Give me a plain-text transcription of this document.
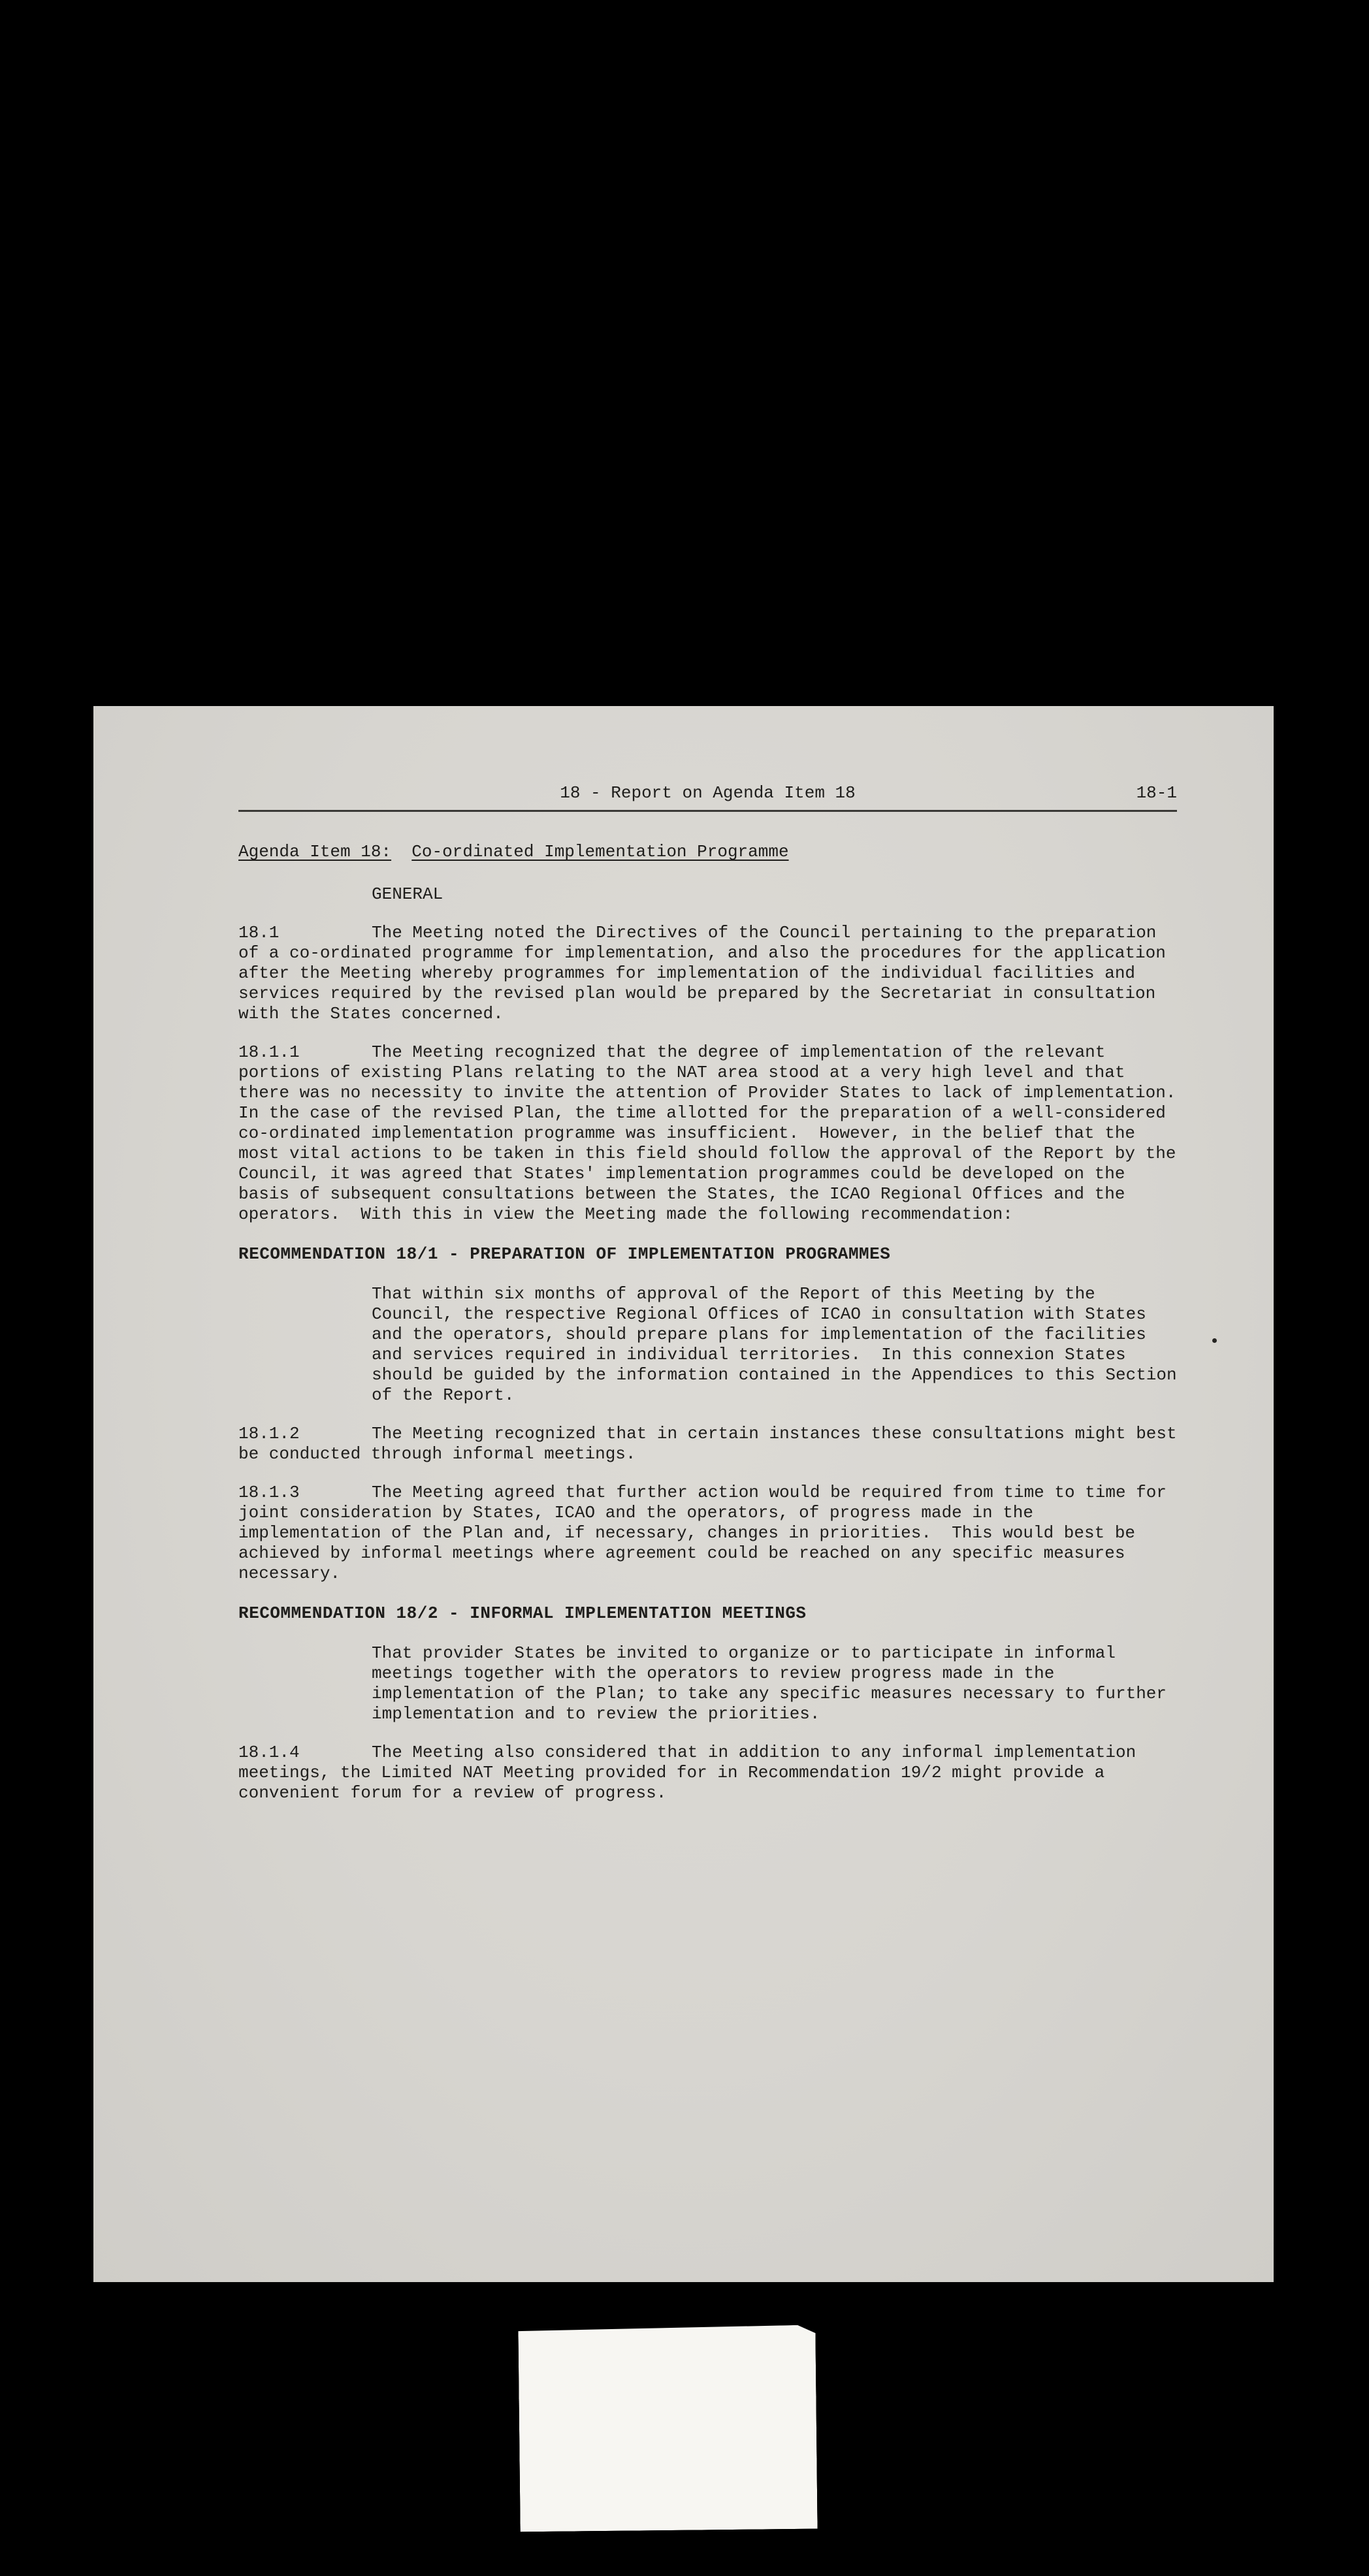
18 - Report on Agenda Item 18	18-1

Agenda Item 18: Co-ordinated Implementation Programme

GENERAL

18.1	The Meeting noted the Directives of the Council pertaining to the preparation of a co-ordinated programme for implementation, and also the procedures for the application after the Meeting whereby programmes for implementation of the individual facilities and services required by the revised plan would be prepared by the Secretariat in consultation with the States concerned.

18.1.1	The Meeting recognized that the degree of implementation of the relevant portions of existing Plans relating to the NAT area stood at a very high level and that there was no necessity to invite the attention of Provider States to lack of implementation.  In the case of the revised Plan, the time allotted for the preparation of a well-considered co-ordinated implementation programme was insufficient.  However, in the belief that the most vital actions to be taken in this field should follow the approval of the Report by the Council, it was agreed that States' implementation programmes could be developed on the basis of subsequent consultations between the States, the ICAO Regional Offices and the operators.  With this in view the Meeting made the following recommendation:

RECOMMENDATION 18/1 - PREPARATION OF IMPLEMENTATION PROGRAMMES

That within six months of approval of the Report of this Meeting by the Council, the respective Regional Offices of ICAO in consultation with States and the operators, should prepare plans for implementation of the facilities and services required in individual territories.  In this connexion States should be guided by the information contained in the Appendices to this Section of the Report.

18.1.2	The Meeting recognized that in certain instances these consultations might best be conducted through informal meetings.

18.1.3	The Meeting agreed that further action would be required from time to time for joint consideration by States, ICAO and the operators, of progress made in the implementation of the Plan and, if necessary, changes in priorities.  This would best be achieved by informal meetings where agreement could be reached on any specific measures necessary.

RECOMMENDATION 18/2 - INFORMAL IMPLEMENTATION MEETINGS

That provider States be invited to organize or to participate in informal meetings together with the operators to review progress made in the implementation of the Plan; to take any specific measures necessary to further implementation and to review the priorities.

18.1.4	The Meeting also considered that in addition to any informal implementation meetings, the Limited NAT Meeting provided for in Recommendation 19/2 might provide a convenient forum for a review of progress.
